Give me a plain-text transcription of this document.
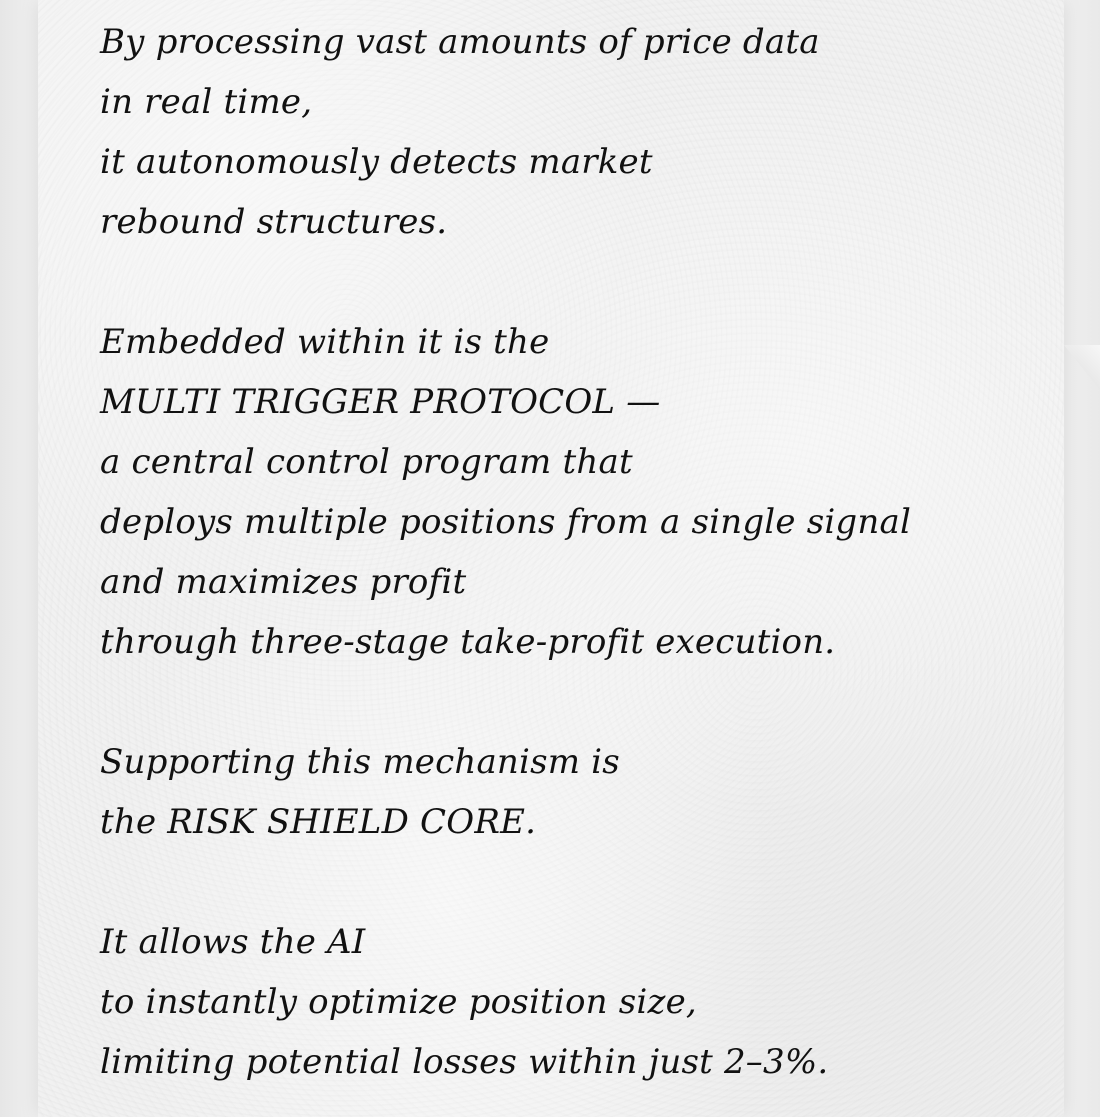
By processing vast amounts of price data
in real time,
it autonomously detects market
rebound structures.
Embedded within it is the
MULTI TRIGGER PROTOCOL —
a central control program that
deploys multiple positions from a single signal
and maximizes profit
through three-stage take-profit execution.
Supporting this mechanism is
the RISK SHIELD CORE.
It allows the AI
to instantly optimize position size,
limiting potential losses within just 2–3%.
